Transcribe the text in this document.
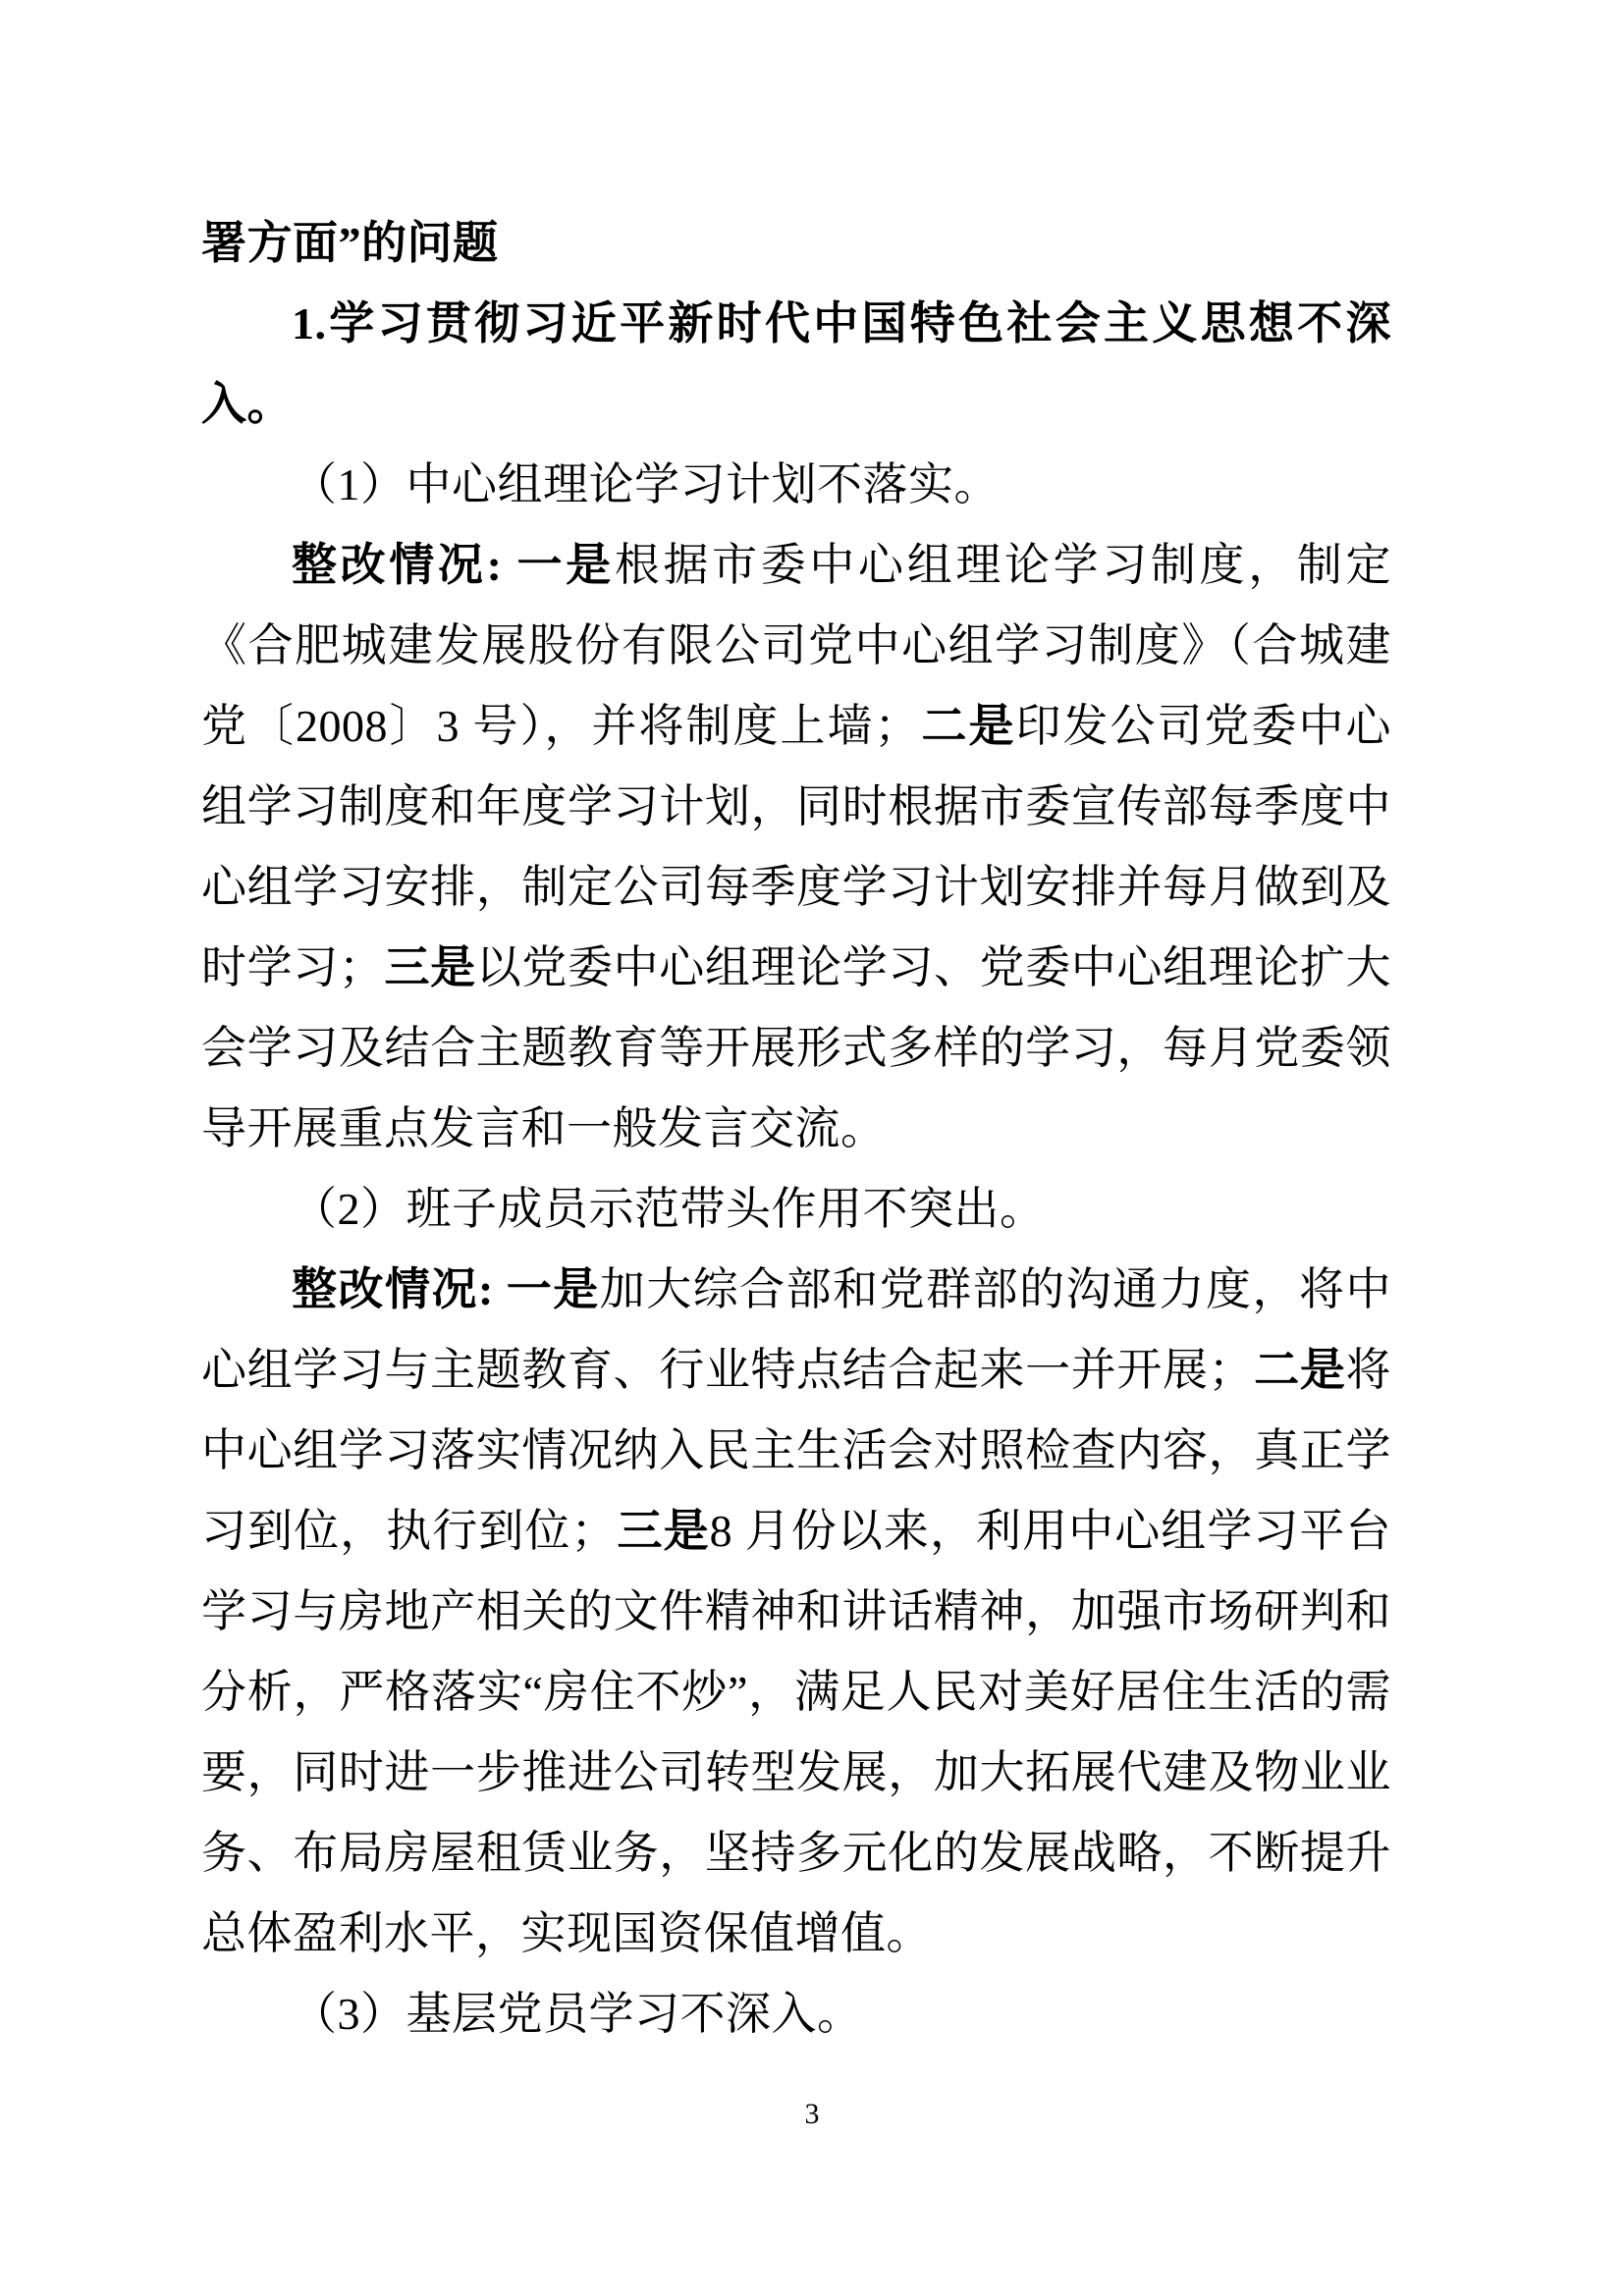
署方面”的问题

1.学习贯彻习近平新时代中国特色社会主义思想不深入。

（1）中心组理论学习计划不落实。

整改情况: 一是根据市委中心组理论学习制度，制定《合肥城建发展股份有限公司党中心组学习制度》（合城建党〔2008〕3 号），并将制度上墙；二是印发公司党委中心组学习制度和年度学习计划，同时根据市委宣传部每季度中心组学习安排，制定公司每季度学习计划安排并每月做到及时学习；三是以党委中心组理论学习、党委中心组理论扩大会学习及结合主题教育等开展形式多样的学习，每月党委领导开展重点发言和一般发言交流。

（2）班子成员示范带头作用不突出。

整改情况: 一是加大综合部和党群部的沟通力度，将中心组学习与主题教育、行业特点结合起来一并开展；二是将中心组学习落实情况纳入民主生活会对照检查内容，真正学习到位，执行到位；三是8 月份以来，利用中心组学习平台学习与房地产相关的文件精神和讲话精神，加强市场研判和分析，严格落实“房住不炒”，满足人民对美好居住生活的需要，同时进一步推进公司转型发展，加大拓展代建及物业业务、布局房屋租赁业务，坚持多元化的发展战略，不断提升总体盈利水平，实现国资保值增值。

（3）基层党员学习不深入。

3
